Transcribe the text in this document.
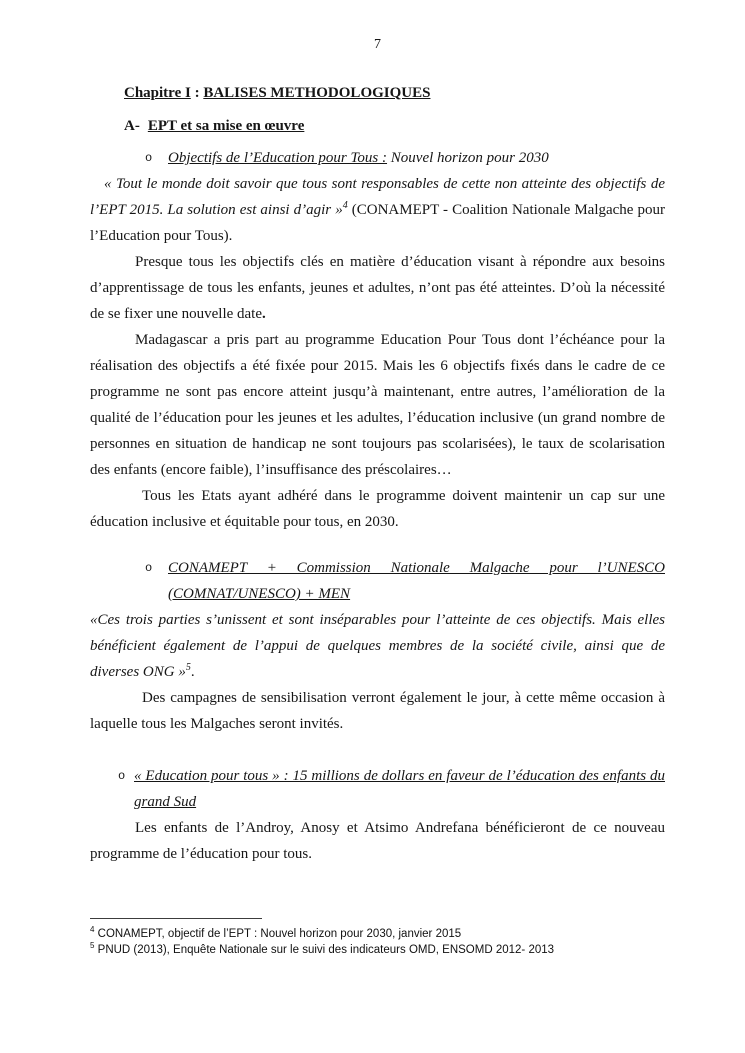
7
Chapitre I : BALISES METHODOLOGIQUES
A- EPT et sa mise en œuvre
o Objectifs de l’Education pour Tous : Nouvel horizon pour 2030

« Tout le monde doit savoir que tous sont responsables de cette non atteinte des objectifs de l’EPT 2015. La solution est ainsi d’agir »$^4$ (CONAMEPT - Coalition Nationale Malgache pour l’Education pour Tous).

Presque tous les objectifs clés en matière d’éducation visant à répondre aux besoins d’apprentissage de tous les enfants, jeunes et adultes, n’ont pas été atteintes. D’où la nécessité de se fixer une nouvelle date.

Madagascar a pris part au programme Education Pour Tous dont l’échéance pour la réalisation des objectifs a été fixée pour 2015. Mais les 6 objectifs fixés dans le cadre de ce programme ne sont pas encore atteint jusqu’à maintenant, entre autres, l’amélioration de la qualité de l’éducation pour les jeunes et les adultes, l’éducation inclusive (un grand nombre de personnes en situation de handicap ne sont toujours pas scolarisées), le taux de scolarisation des enfants (encore faible), l’insuffisance des préscolaires…

Tous les Etats ayant adhéré dans le programme doivent maintenir un cap sur une éducation inclusive et équitable pour tous, en 2030.

o CONAMEPT + Commission Nationale Malgache pour l’UNESCO
(COMNAT/UNESCO) + MEN

«Ces trois parties s’unissent et sont inséparables pour l’atteinte de ces objectifs. Mais elles bénéficient également de l’appui de quelques membres de la société civile, ainsi que de diverses ONG »$^5$.

Des campagnes de sensibilisation verront également le jour, à cette même occasion à laquelle tous les Malgaches seront invités.

o « Education pour tous » : 15 millions de dollars en faveur de l’éducation des enfants du
grand Sud

Les enfants de l’Androy, Anosy et Atsimo Andrefana bénéficieront de ce nouveau programme de l’éducation pour tous.

$^4$ CONAMEPT, objectif de l’EPT : Nouvel horizon pour 2030, janvier 2015
$^5$ PNUD (2013), Enquête Nationale sur le suivi des indicateurs OMD, ENSOMD 2012- 2013
